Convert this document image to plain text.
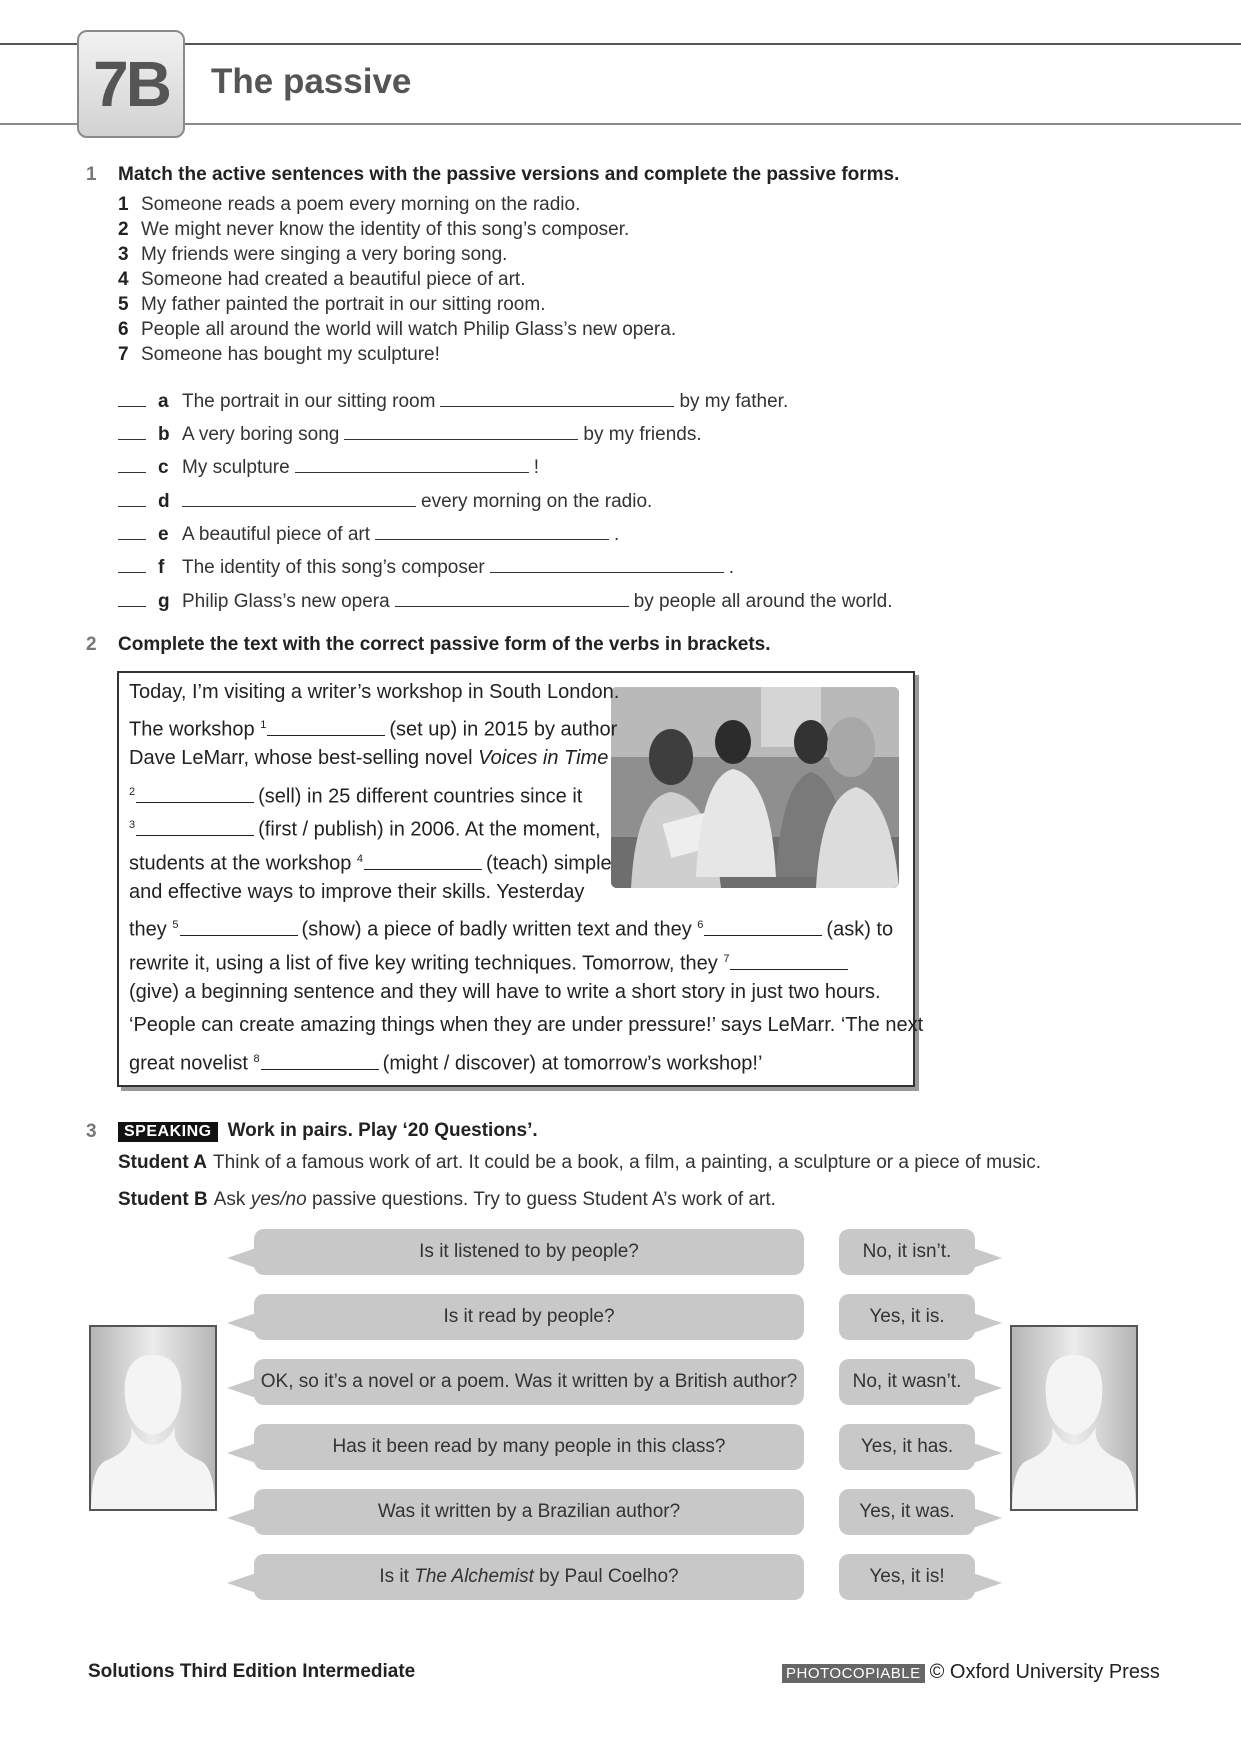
7B	The passive
1 Match the active sentences with the passive versions and complete the passive forms.
1 Someone reads a poem every morning on the radio.
2 We might never know the identity of this song’s composer.
3 My friends were singing a very boring song.
4 Someone had created a beautiful piece of art.
5 My father painted the portrait in our sitting room.
6 People all around the world will watch Philip Glass’s new opera.
7 Someone has bought my sculpture!
a The portrait in our sitting room	by my father.
b A very boring song	by my friends.
c My sculpture	!
d	every morning on the radio.
e A beautiful piece of art	.
f The identity of this song’s composer	.
g Philip Glass’s new opera	by people all around the world.
2 Complete the text with the correct passive form of the verbs in brackets.
Today, I’m visiting a writer’s workshop in South London.
The workshop $^1$	(set up) in 2015 by author
Dave LeMarr, whose best-selling novel Voices in Time
$^2$	(sell) in 25 different countries since it
$^3$	(first / publish) in 2006. At the moment,
students at the workshop $^4$	(teach) simple
and effective ways to improve their skills. Yesterday
they $^5$	(show) a piece of badly written text and they $^6$	(ask) to
rewrite it, using a list of five key writing techniques. Tomorrow, they $^7$
(give) a beginning sentence and they will have to write a short story in just two hours.
‘People can create amazing things when they are under pressure!’ says LeMarr. ‘The next
great novelist $^8$	(might / discover) at tomorrow’s workshop!’
3	SPEAKING Work in pairs. Play ‘20 Questions’.
Student A Think of a famous work of art. It could be a book, a film, a painting, a sculpture or a piece of music.
Student B Ask yes/no passive questions. Try to guess Student A’s work of art.
Is it listened to by people?
Is it read by people?
OK, so it’s a novel or a poem. Was it written by a British author?
Has it been read by many people in this class?
Was it written by a Brazilian author?
Is it
The Alchemist
by Paul Coelho?
No, it isn’t.
Yes, it is.
No, it wasn’t.
Yes, it has.
Yes, it was.
Yes, it is!
Solutions Third Edition Intermediate	PHOTOCOPIABLE © Oxford University Press
